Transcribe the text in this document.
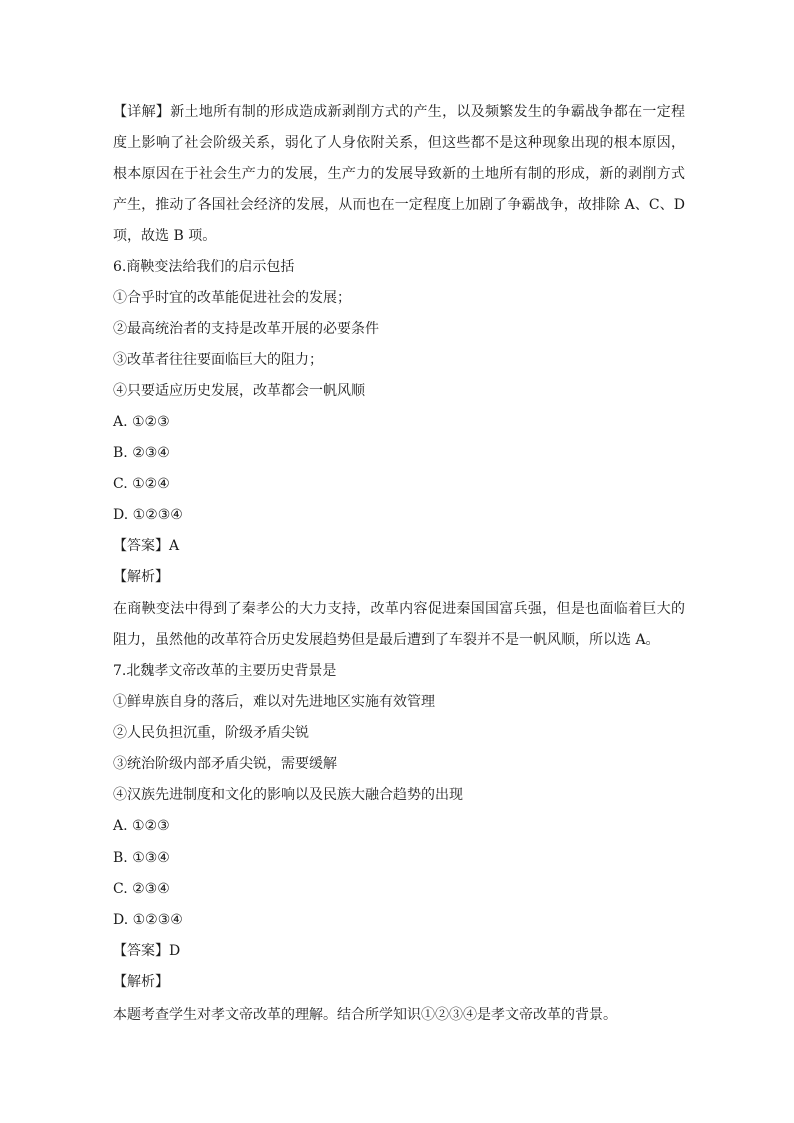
【详解】新土地所有制的形成造成新剥削方式的产生，以及频繁发生的争霸战争都在一定程
度上影响了社会阶级关系，弱化了人身依附关系，但这些都不是这种现象出现的根本原因，
根本原因在于社会生产力的发展，生产力的发展导致新的土地所有制的形成，新的剥削方式
产生，推动了各国社会经济的发展，从而也在一定程度上加剧了争霸战争，故排除 A、C、D
项，故选 B 项。
6.商鞅变法给我们的启示包括
①合乎时宜的改革能促进社会的发展；
②最高统治者的支持是改革开展的必要条件
③改革者往往要面临巨大的阻力；
④只要适应历史发展，改革都会一帆风顺
A. ①②③
B. ②③④
C. ①②④
D. ①②③④
【答案】A
【解析】
在商鞅变法中得到了秦孝公的大力支持，改革内容促进秦国国富兵强，但是也面临着巨大的
阻力，虽然他的改革符合历史发展趋势但是最后遭到了车裂并不是一帆风顺，所以选 A。
7.北魏孝文帝改革的主要历史背景是
①鲜卑族自身的落后，难以对先进地区实施有效管理
②人民负担沉重，阶级矛盾尖锐
③统治阶级内部矛盾尖锐，需要缓解
④汉族先进制度和文化的影响以及民族大融合趋势的出现
A. ①②③
B. ①③④
C. ②③④
D. ①②③④
【答案】D
【解析】
本题考查学生对孝文帝改革的理解。结合所学知识①②③④是孝文帝改革的背景。
